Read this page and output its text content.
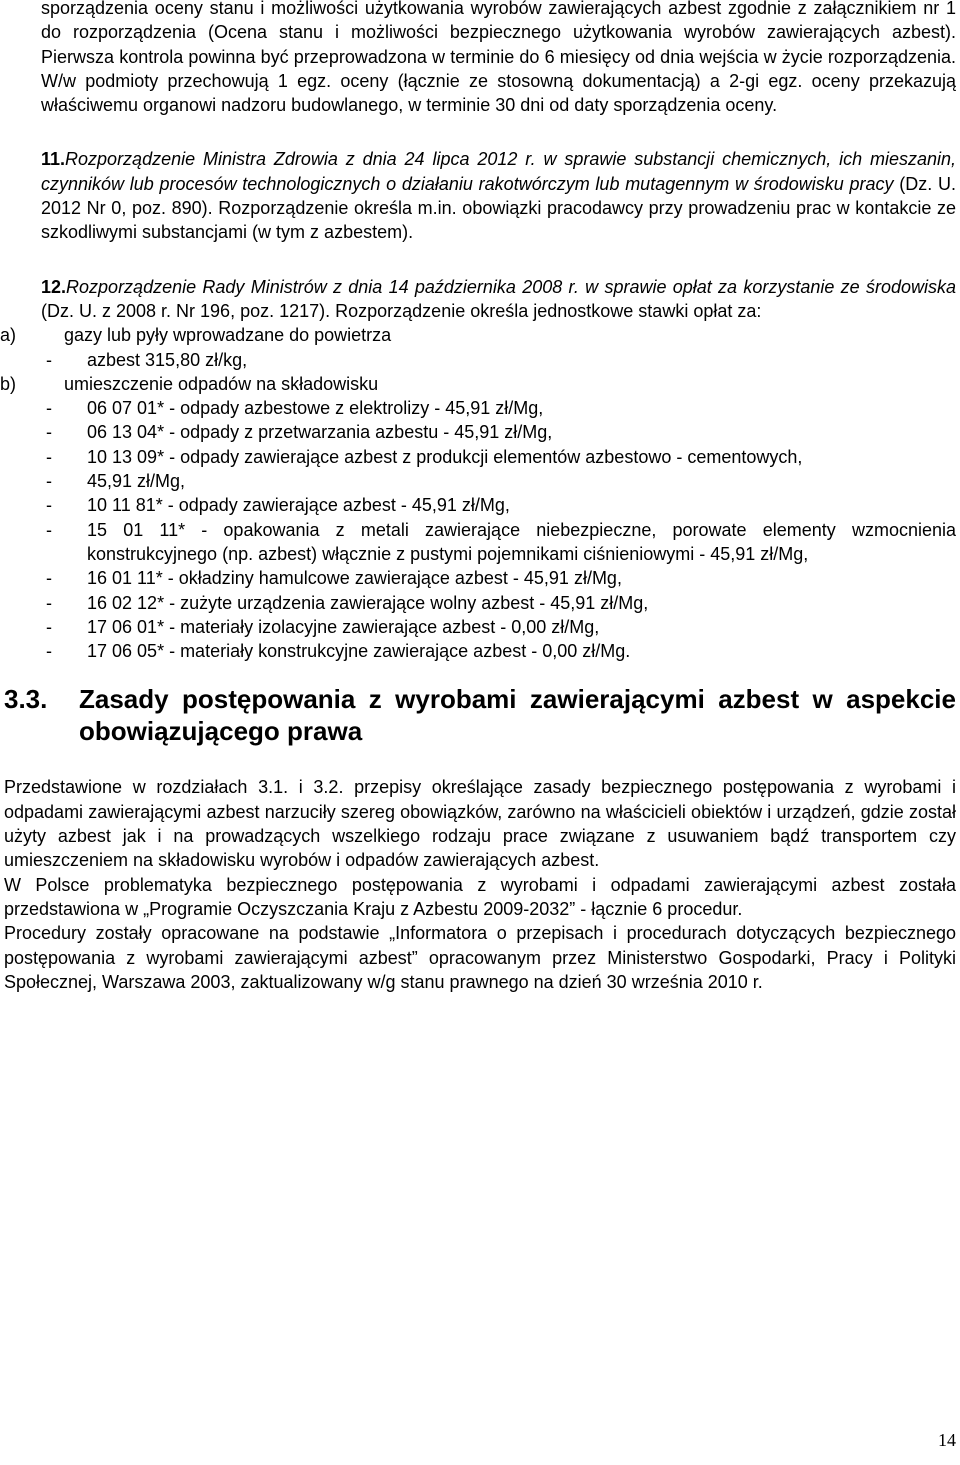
sporządzenia oceny stanu i możliwości użytkowania wyrobów zawierających azbest zgodnie z załącznikiem nr 1 do rozporządzenia (Ocena stanu i możliwości bezpiecznego użytkowania wyrobów zawierających azbest). Pierwsza kontrola powinna być przeprowadzona w terminie do 6 miesięcy od dnia wejścia w życie rozporządzenia. W/w podmioty przechowują 1 egz. oceny (łącznie ze stosowną dokumentacją) a 2-gi egz. oceny przekazują właściwemu organowi nadzoru budowlanego, w terminie 30 dni od daty sporządzenia oceny.

11.Rozporządzenie Ministra Zdrowia z dnia 24 lipca 2012 r. w sprawie substancji chemicznych, ich mieszanin, czynników lub procesów technologicznych o działaniu rakotwórczym lub mutagennym w środowisku pracy (Dz. U. 2012 Nr 0, poz. 890). Rozporządzenie określa m.in. obowiązki pracodawcy przy prowadzeniu prac w kontakcie ze szkodliwymi substancjami (w tym z azbestem).

12.Rozporządzenie Rady Ministrów z dnia 14 października 2008 r. w sprawie opłat za korzystanie ze środowiska (Dz. U. z 2008 r. Nr 196, poz. 1217). Rozporządzenie określa jednostkowe stawki opłat za:

a)	gazy lub pyły wprowadzane do powietrza
- azbest 315,80 zł/kg,
b)	umieszczenie odpadów na składowisku
- 06 07 01* - odpady azbestowe z elektrolizy - 45,91 zł/Mg,
- 06 13 04* - odpady z przetwarzania azbestu - 45,91 zł/Mg,
- 10 13 09* - odpady zawierające azbest z produkcji elementów azbestowo - cementowych,
- 45,91 zł/Mg,
- 10 11 81* - odpady zawierające azbest - 45,91 zł/Mg,
- 15 01 11* - opakowania z metali zawierające niebezpieczne, porowate elementy wzmocnienia konstrukcyjnego (np. azbest) włącznie z pustymi pojemnikami ciśnieniowymi - 45,91 zł/Mg,
- 16 01 11* - okładziny hamulcowe zawierające azbest - 45,91 zł/Mg,
- 16 02 12* - zużyte urządzenia zawierające wolny azbest - 45,91 zł/Mg,
- 17 06 01* - materiały izolacyjne zawierające azbest - 0,00 zł/Mg,
- 17 06 05* - materiały konstrukcyjne zawierające azbest - 0,00 zł/Mg.
3.3. Zasady postępowania z wyrobami zawierającymi azbest w aspekcie obowiązującego prawa

Przedstawione w rozdziałach 3.1. i 3.2. przepisy określające zasady bezpiecznego postępowania z wyrobami i odpadami zawierającymi azbest narzuciły szereg obowiązków, zarówno na właścicieli obiektów i urządzeń, gdzie został użyty azbest jak i na prowadzących wszelkiego rodzaju prace związane z usuwaniem bądź transportem czy umieszczeniem na składowisku wyrobów i odpadów zawierających azbest.

W Polsce problematyka bezpiecznego postępowania z wyrobami i odpadami zawierającymi azbest została przedstawiona w „Programie Oczyszczania Kraju z Azbestu 2009-2032” - łącznie 6 procedur.

Procedury zostały opracowane na podstawie „Informatora o przepisach i procedurach dotyczących bezpiecznego postępowania z wyrobami zawierającymi azbest” opracowanym przez Ministerstwo Gospodarki, Pracy i Polityki Społecznej, Warszawa 2003, zaktualizowany w/g stanu prawnego na dzień 30 września 2010 r.

14
